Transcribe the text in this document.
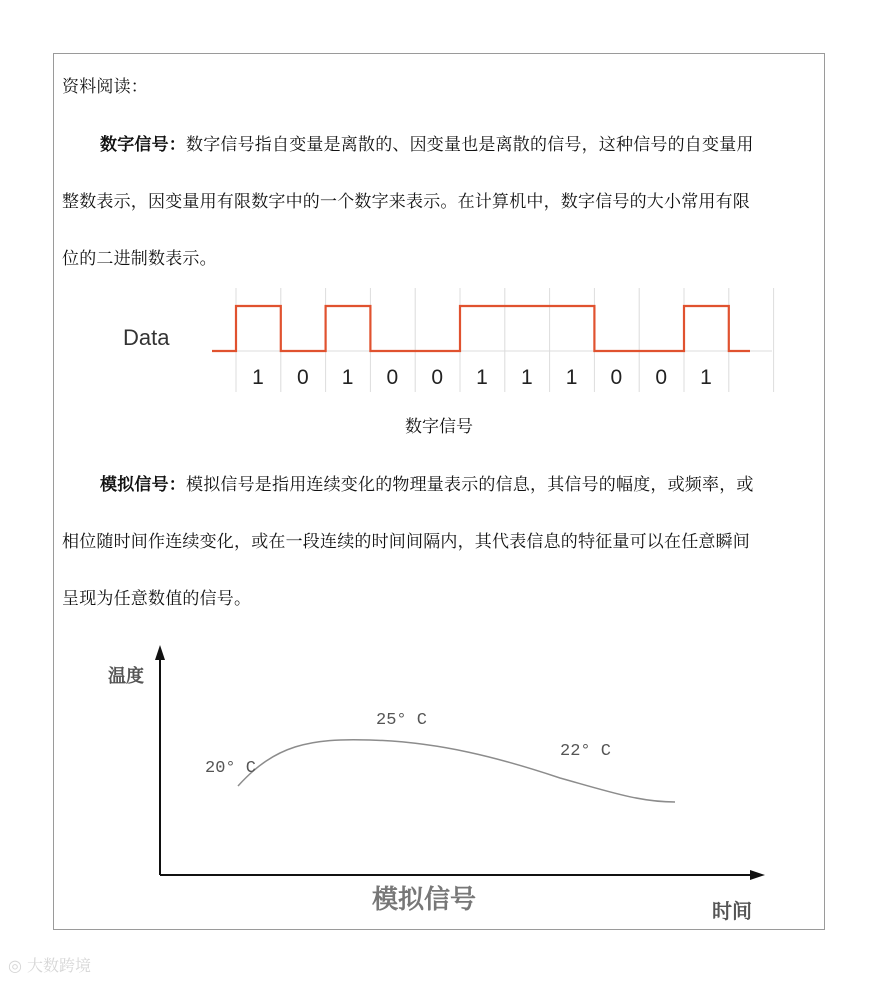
资料阅读：
数字信号：数字信号指自变量是离散的、因变量也是离散的信号，这种信号的自变量用
整数表示，因变量用有限数字中的一个数字来表示。在计算机中，数字信号的大小常用有限
位的二进制数表示。
Data
1 0 1 0 0 1 1 1 0 0 1
数字信号
模拟信号：模拟信号是指用连续变化的物理量表示的信息，其信号的幅度，或频率，或
相位随时间作连续变化，或在一段连续的时间间隔内，其代表信息的特征量可以在任意瞬间
呈现为任意数值的信号。
温度
时间
20° C
25° C
22° C
模拟信号
◎ 大数跨境
